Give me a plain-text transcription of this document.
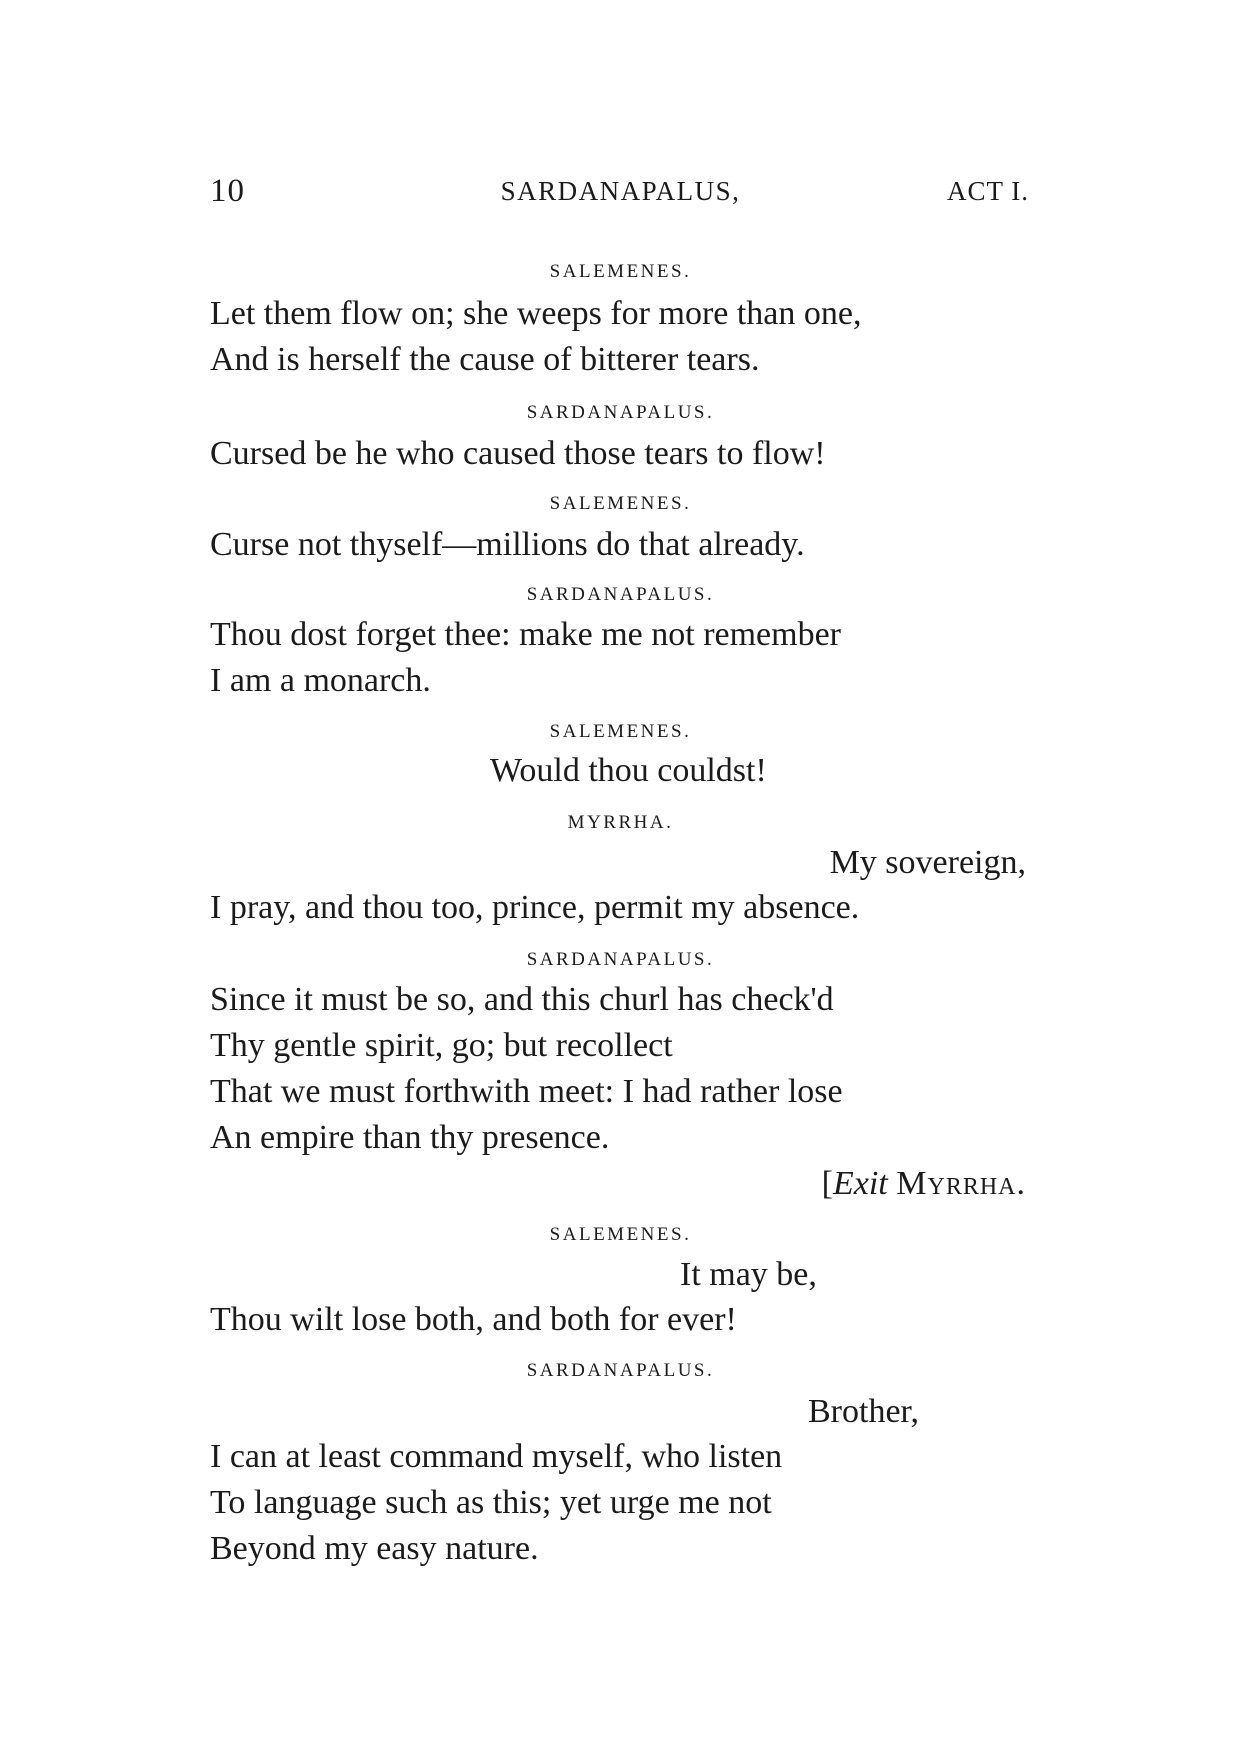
10	SARDANAPALUS,	ACT I.
SALEMENES.
Let them flow on; she weeps for more than one,
And is herself the cause of bitterer tears.
SARDANAPALUS.
Cursed be he who caused those tears to flow!
SALEMENES.
Curse not thyself—millions do that already.
SARDANAPALUS.
Thou dost forget thee: make me not remember
I am a monarch.
SALEMENES.
Would thou couldst!
MYRRHA.
My sovereign,
I pray, and thou too, prince, permit my absence.
SARDANAPALUS.
Since it must be so, and this churl has check'd
Thy gentle spirit, go; but recollect
That we must forthwith meet: I had rather lose
An empire than thy presence.
[Exit Myrrha.
SALEMENES.
It may be,
Thou wilt lose both, and both for ever!
SARDANAPALUS.
Brother,
I can at least command myself, who listen
To language such as this; yet urge me not
Beyond my easy nature.
